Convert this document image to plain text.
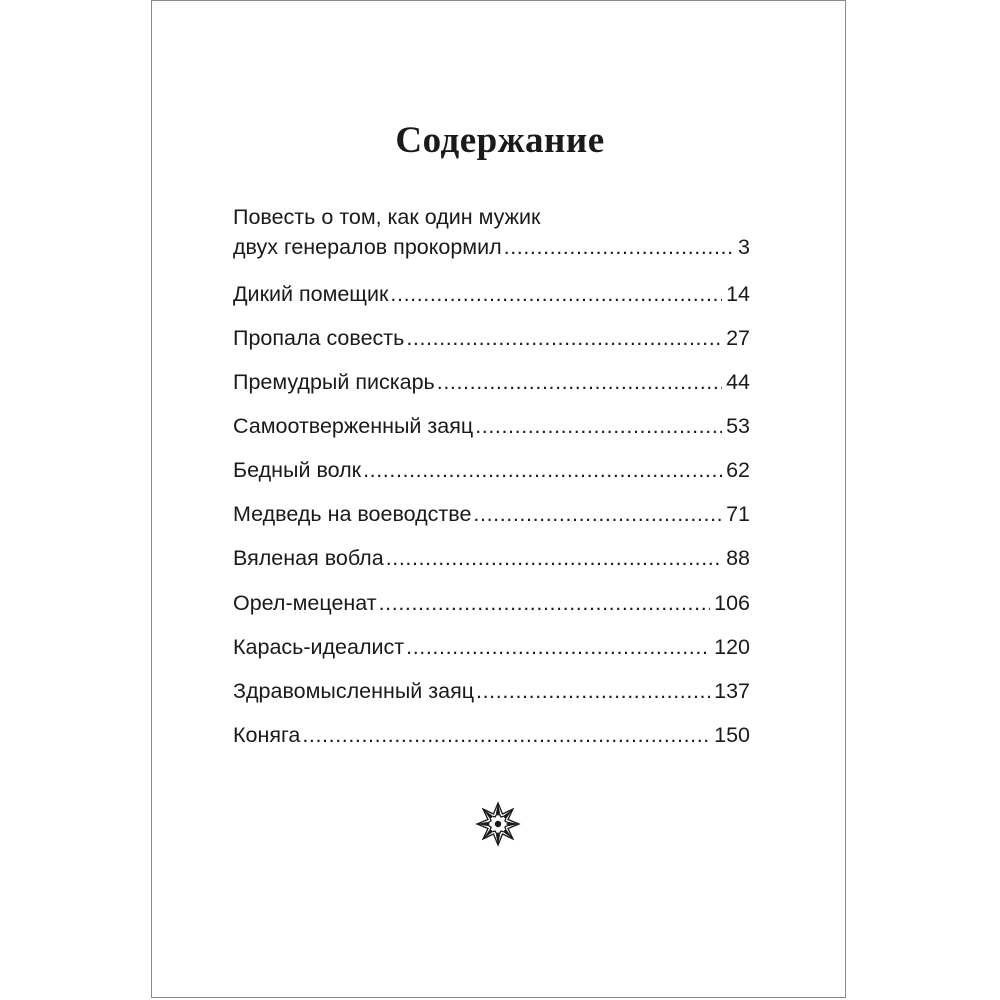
Содержание
Повесть о том, как один мужик
двух генералов прокормил .....	3
Дикий помещик .....	14
Пропала совесть .....	27
Премудрый пискарь .....	44
Самоотверженный заяц .....	53
Бедный волк .....	62
Медведь на воеводстве .....	71
Вяленая вобла .....	88
Орел-меценат .....	106
Карась-идеалист .....	120
Здравомысленный заяц .....	137
Коняга .....	150
